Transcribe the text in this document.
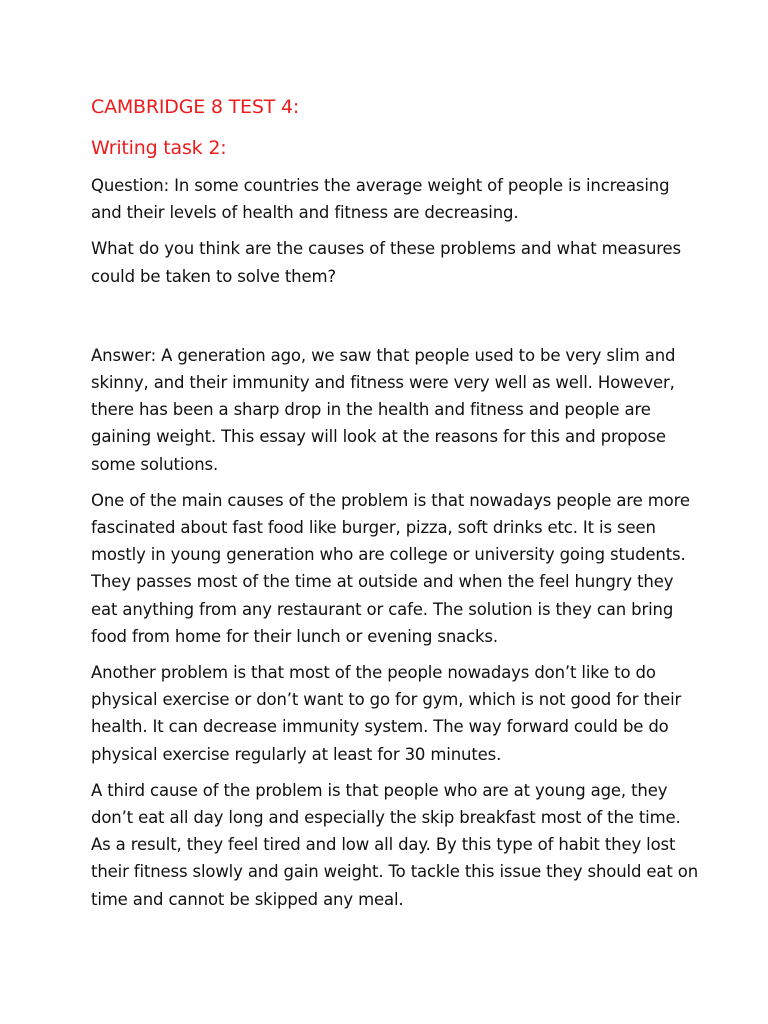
CAMBRIDGE 8 TEST 4:
Writing task 2:

Question: In some countries the average weight of people is increasing and their levels of health and fitness are decreasing.

What do you think are the causes of these problems and what measures could be taken to solve them?

Answer: A generation ago, we saw that people used to be very slim and skinny, and their immunity and fitness were very well as well. However, there has been a sharp drop in the health and fitness and people are gaining weight. This essay will look at the reasons for this and propose some solutions.

One of the main causes of the problem is that nowadays people are more fascinated about fast food like burger, pizza, soft drinks etc. It is seen mostly in young generation who are college or university going students. They passes most of the time at outside and when the feel hungry they eat anything from any restaurant or cafe. The solution is they can bring food from home for their lunch or evening snacks.

Another problem is that most of the people nowadays don’t like to do physical exercise or don’t want to go for gym, which is not good for their health. It can decrease immunity system. The way forward could be do physical exercise regularly at least for 30 minutes.

A third cause of the problem is that people who are at young age, they don’t eat all day long and especially the skip breakfast most of the time. As a result, they feel tired and low all day. By this type of habit they lost their fitness slowly and gain weight. To tackle this issue they should eat on time and cannot be skipped any meal.
